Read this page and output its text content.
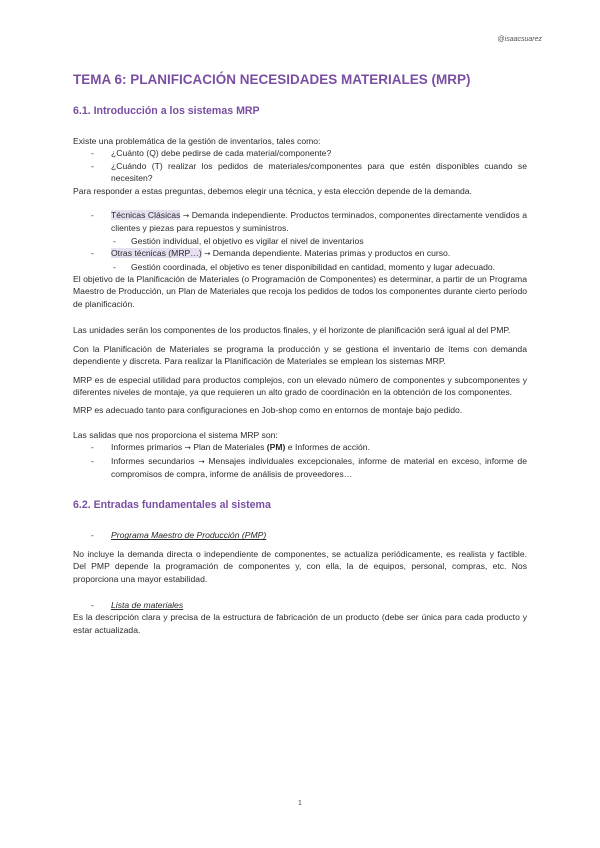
@isaacsuarez
TEMA 6: PLANIFICACIÓN NECESIDADES MATERIALES (MRP)
6.1. Introducción a los sistemas MRP

Existe una problemática de la gestión de inventarios, tales como:

- ¿Cuánto (Q) debe pedirse de cada material/componente?
- ¿Cuándo (T) realizar los pedidos de materiales/componentes para que estén disponibles cuando se necesiten?

Para responder a estas preguntas, debemos elegir una técnica, y esta elección depende de la demanda.

- Técnicas Clásicas → Demanda independiente. Productos terminados, componentes directamente vendidos a clientes y piezas para repuestos y suministros.
- Gestión individual, el objetivo es vigilar el nivel de inventarios
- Otras técnicas (MRP…) → Demanda dependiente. Materias primas y productos en curso.
- Gestión coordinada, el objetivo es tener disponibilidad en cantidad, momento y lugar adecuado.

El objetivo de la Planificación de Materiales (o Programación de Componentes) es determinar, a partir de un Programa Maestro de Producción, un Plan de Materiales que recoja los pedidos de todos los componentes durante cierto periodo de planificación.

Las unidades serán los componentes de los productos finales, y el horizonte de planificación será igual al del PMP.

Con la Planificación de Materiales se programa la producción y se gestiona el inventario de ítems con demanda dependiente y discreta. Para realizar la Planificación de Materiales se emplean los sistemas MRP.

MRP es de especial utilidad para productos complejos, con un elevado número de componentes y subcomponentes y diferentes niveles de montaje, ya que requieren un alto grado de coordinación en la obtención de los componentes.

MRP es adecuado tanto para configuraciones en Job-shop como en entornos de montaje bajo pedido.

Las salidas que nos proporciona el sistema MRP son:

- Informes primarios → Plan de Materiales (PM) e Informes de acción.
- Informes secundarios → Mensajes individuales excepcionales, informe de material en exceso, informe de compromisos de compra, informe de análisis de proveedores…
6.2. Entradas fundamentales al sistema
- Programa Maestro de Producción (PMP)

No incluye la demanda directa o independiente de componentes, se actualiza periódicamente, es realista y factible. Del PMP depende la programación de componentes y, con ella, la de equipos, personal, compras, etc. Nos proporciona una mayor estabilidad.

- Lista de materiales

Es la descripción clara y precisa de la estructura de fabricación de un producto (debe ser única para cada producto y estar actualizada.

1
